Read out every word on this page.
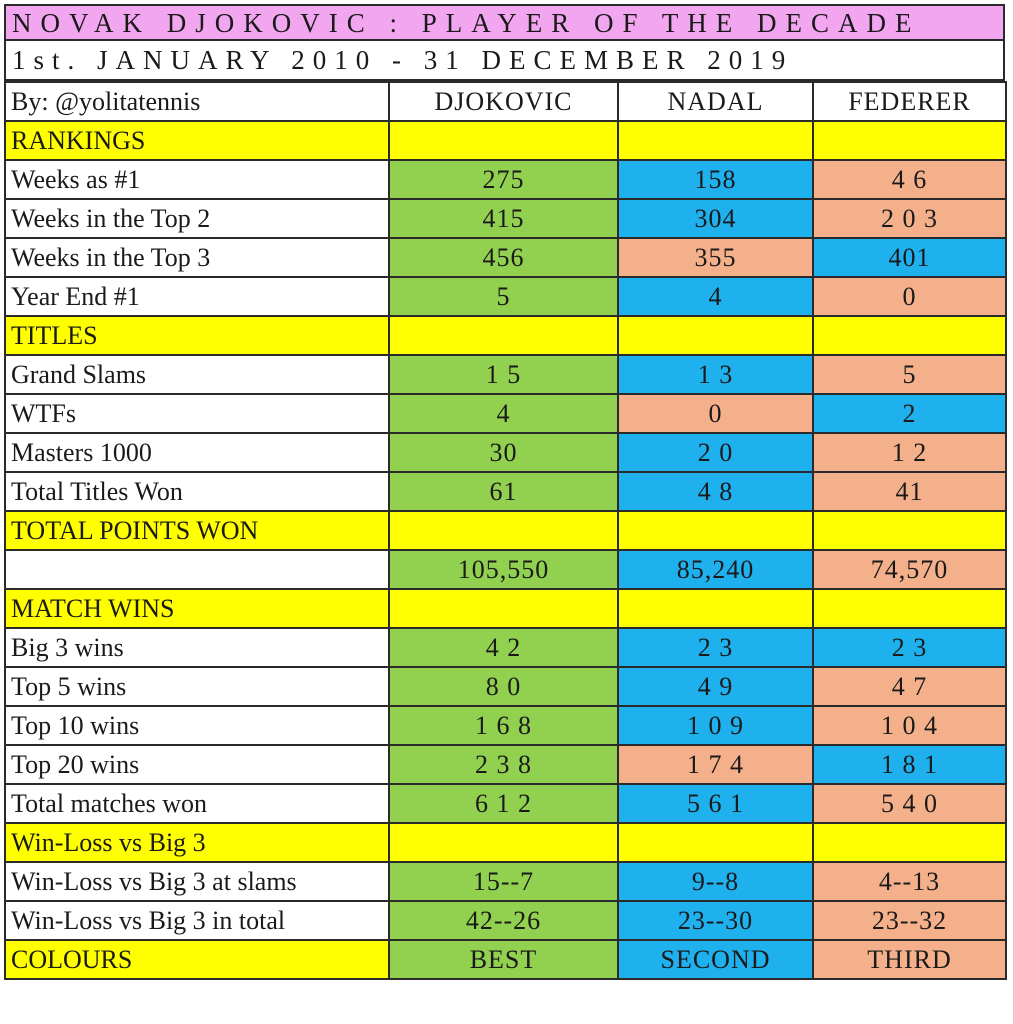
NOVAK DJOKOVIC : PLAYER OF THE DECADE
1st. JANUARY 2010 - 31 DECEMBER 2019
By: @yolitatennis	DJOKOVIC	NADAL	FEDERER
RANKINGS			
Weeks as #1	275	158	4 6
Weeks in the Top 2	415	304	2 0 3
Weeks in the Top 3	456	355	401
Year End #1	5	4	0
TITLES			
Grand Slams	1 5	1 3	5
WTFs	4	0	2
Masters 1000	30	2 0	1 2
Total Titles Won	61	4 8	41
TOTAL POINTS WON			
	105,550	85,240	74,570
MATCH WINS			
Big 3 wins	4 2	2 3	2 3
Top 5 wins	8 0	4 9	4 7
Top 10 wins	1 6 8	1 0 9	1 0 4
Top 20 wins	2 3 8	1 7 4	1 8 1
Total matches won	6 1 2	5 6 1	5 4 0
Win-Loss vs Big 3			
Win-Loss vs Big 3 at slams	15--7	9--8	4--13
Win-Loss vs Big 3 in total	42--26	23--30	23--32
COLOURS	BEST	SECOND	THIRD
